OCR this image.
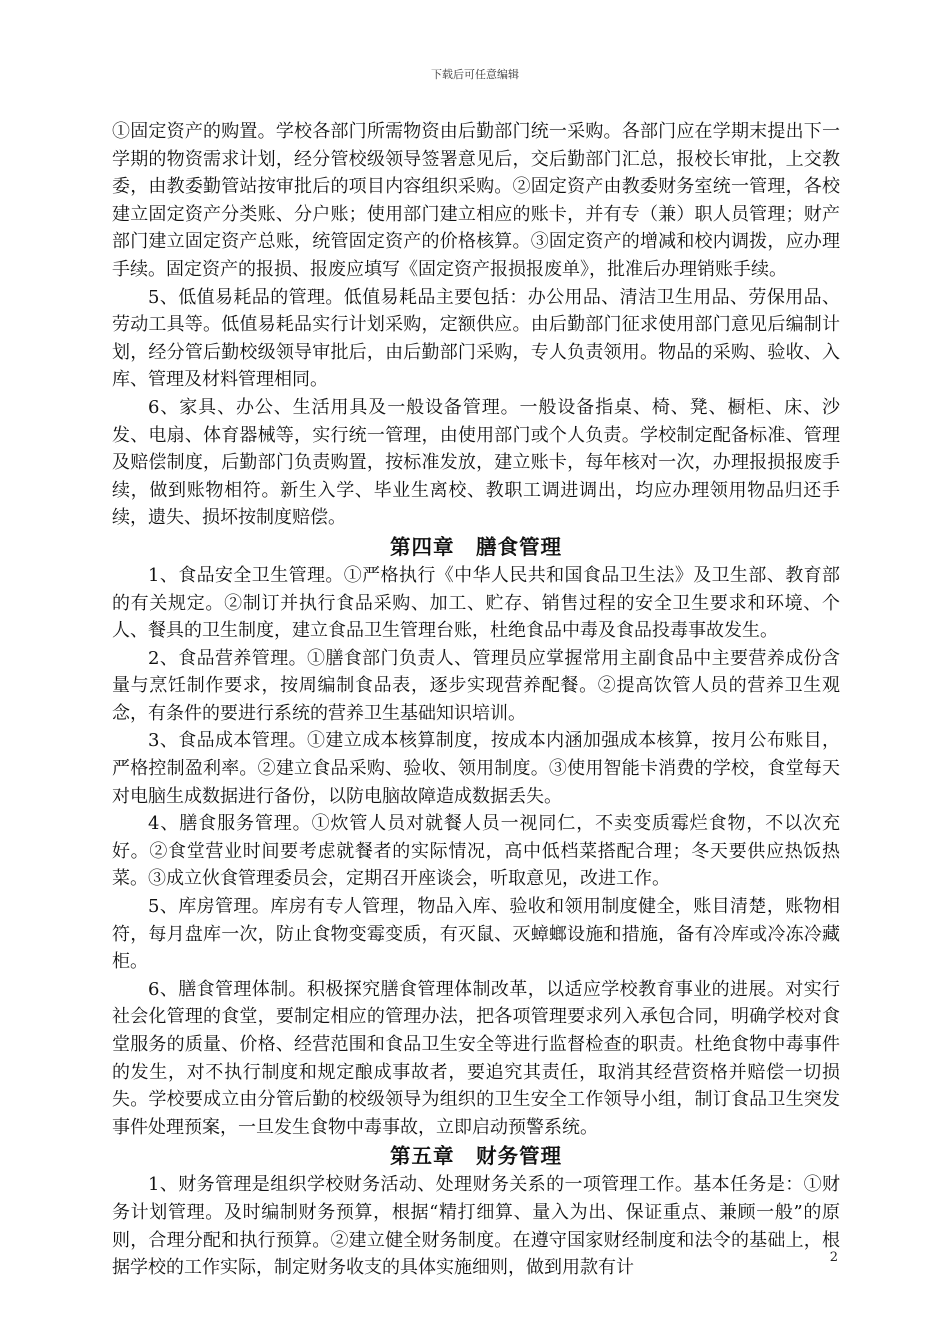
下载后可任意编辑

①固定资产的购置。学校各部门所需物资由后勤部门统一采购。各部门应在学期末提出下一学期的物资需求计划，经分管校级领导签署意见后，交后勤部门汇总，报校长审批，上交教委，由教委勤管站按审批后的项目内容组织采购。②固定资产由教委财务室统一管理，各校建立固定资产分类账、分户账；使用部门建立相应的账卡，并有专（兼）职人员管理；财产部门建立固定资产总账，统管固定资产的价格核算。③固定资产的增减和校内调拨，应办理手续。固定资产的报损、报废应填写《固定资产报损报废单》，批准后办理销账手续。

5、低值易耗品的管理。低值易耗品主要包括：办公用品、清洁卫生用品、劳保用品、劳动工具等。低值易耗品实行计划采购，定额供应。由后勤部门征求使用部门意见后编制计划，经分管后勤校级领导审批后，由后勤部门采购，专人负责领用。物品的采购、验收、入库、管理及材料管理相同。

6、家具、办公、生活用具及一般设备管理。一般设备指桌、椅、凳、橱柜、床、沙发、电扇、体育器械等，实行统一管理，由使用部门或个人负责。学校制定配备标准、管理及赔偿制度，后勤部门负责购置，按标准发放，建立账卡，每年核对一次，办理报损报废手续，做到账物相符。新生入学、毕业生离校、教职工调进调出，均应办理领用物品归还手续，遗失、损坏按制度赔偿。

第四章　膳食管理

1、食品安全卫生管理。①严格执行《中华人民共和国食品卫生法》及卫生部、教育部的有关规定。②制订并执行食品采购、加工、贮存、销售过程的安全卫生要求和环境、个人、餐具的卫生制度，建立食品卫生管理台账，杜绝食品中毒及食品投毒事故发生。

2、食品营养管理。①膳食部门负责人、管理员应掌握常用主副食品中主要营养成份含量与烹饪制作要求，按周编制食品表，逐步实现营养配餐。②提高饮管人员的营养卫生观念，有条件的要进行系统的营养卫生基础知识培训。

3、食品成本管理。①建立成本核算制度，按成本内涵加强成本核算，按月公布账目，严格控制盈利率。②建立食品采购、验收、领用制度。③使用智能卡消费的学校，食堂每天对电脑生成数据进行备份，以防电脑故障造成数据丢失。

4、膳食服务管理。①炊管人员对就餐人员一视同仁，不卖变质霉烂食物，不以次充好。②食堂营业时间要考虑就餐者的实际情况，高中低档菜搭配合理；冬天要供应热饭热菜。③成立伙食管理委员会，定期召开座谈会，听取意见，改进工作。

5、库房管理。库房有专人管理，物品入库、验收和领用制度健全，账目清楚，账物相符，每月盘库一次，防止食物变霉变质，有灭鼠、灭蟑螂设施和措施，备有冷库或冷冻冷藏柜。

6、膳食管理体制。积极探究膳食管理体制改革，以适应学校教育事业的进展。对实行社会化管理的食堂，要制定相应的管理办法，把各项管理要求列入承包合同，明确学校对食堂服务的质量、价格、经营范围和食品卫生安全等进行监督检查的职责。杜绝食物中毒事件的发生，对不执行制度和规定酿成事故者，要追究其责任，取消其经营资格并赔偿一切损失。学校要成立由分管后勤的校级领导为组织的卫生安全工作领导小组，制订食品卫生突发事件处理预案，一旦发生食物中毒事故，立即启动预警系统。

第五章　财务管理

1、财务管理是组织学校财务活动、处理财务关系的一项管理工作。基本任务是：①财务计划管理。及时编制财务预算，根据“精打细算、量入为出、保证重点、兼顾一般”的原则，合理分配和执行预算。②建立健全财务制度。在遵守国家财经制度和法令的基础上，根据学校的工作实际，制定财务收支的具体实施细则，做到用款有计	2
